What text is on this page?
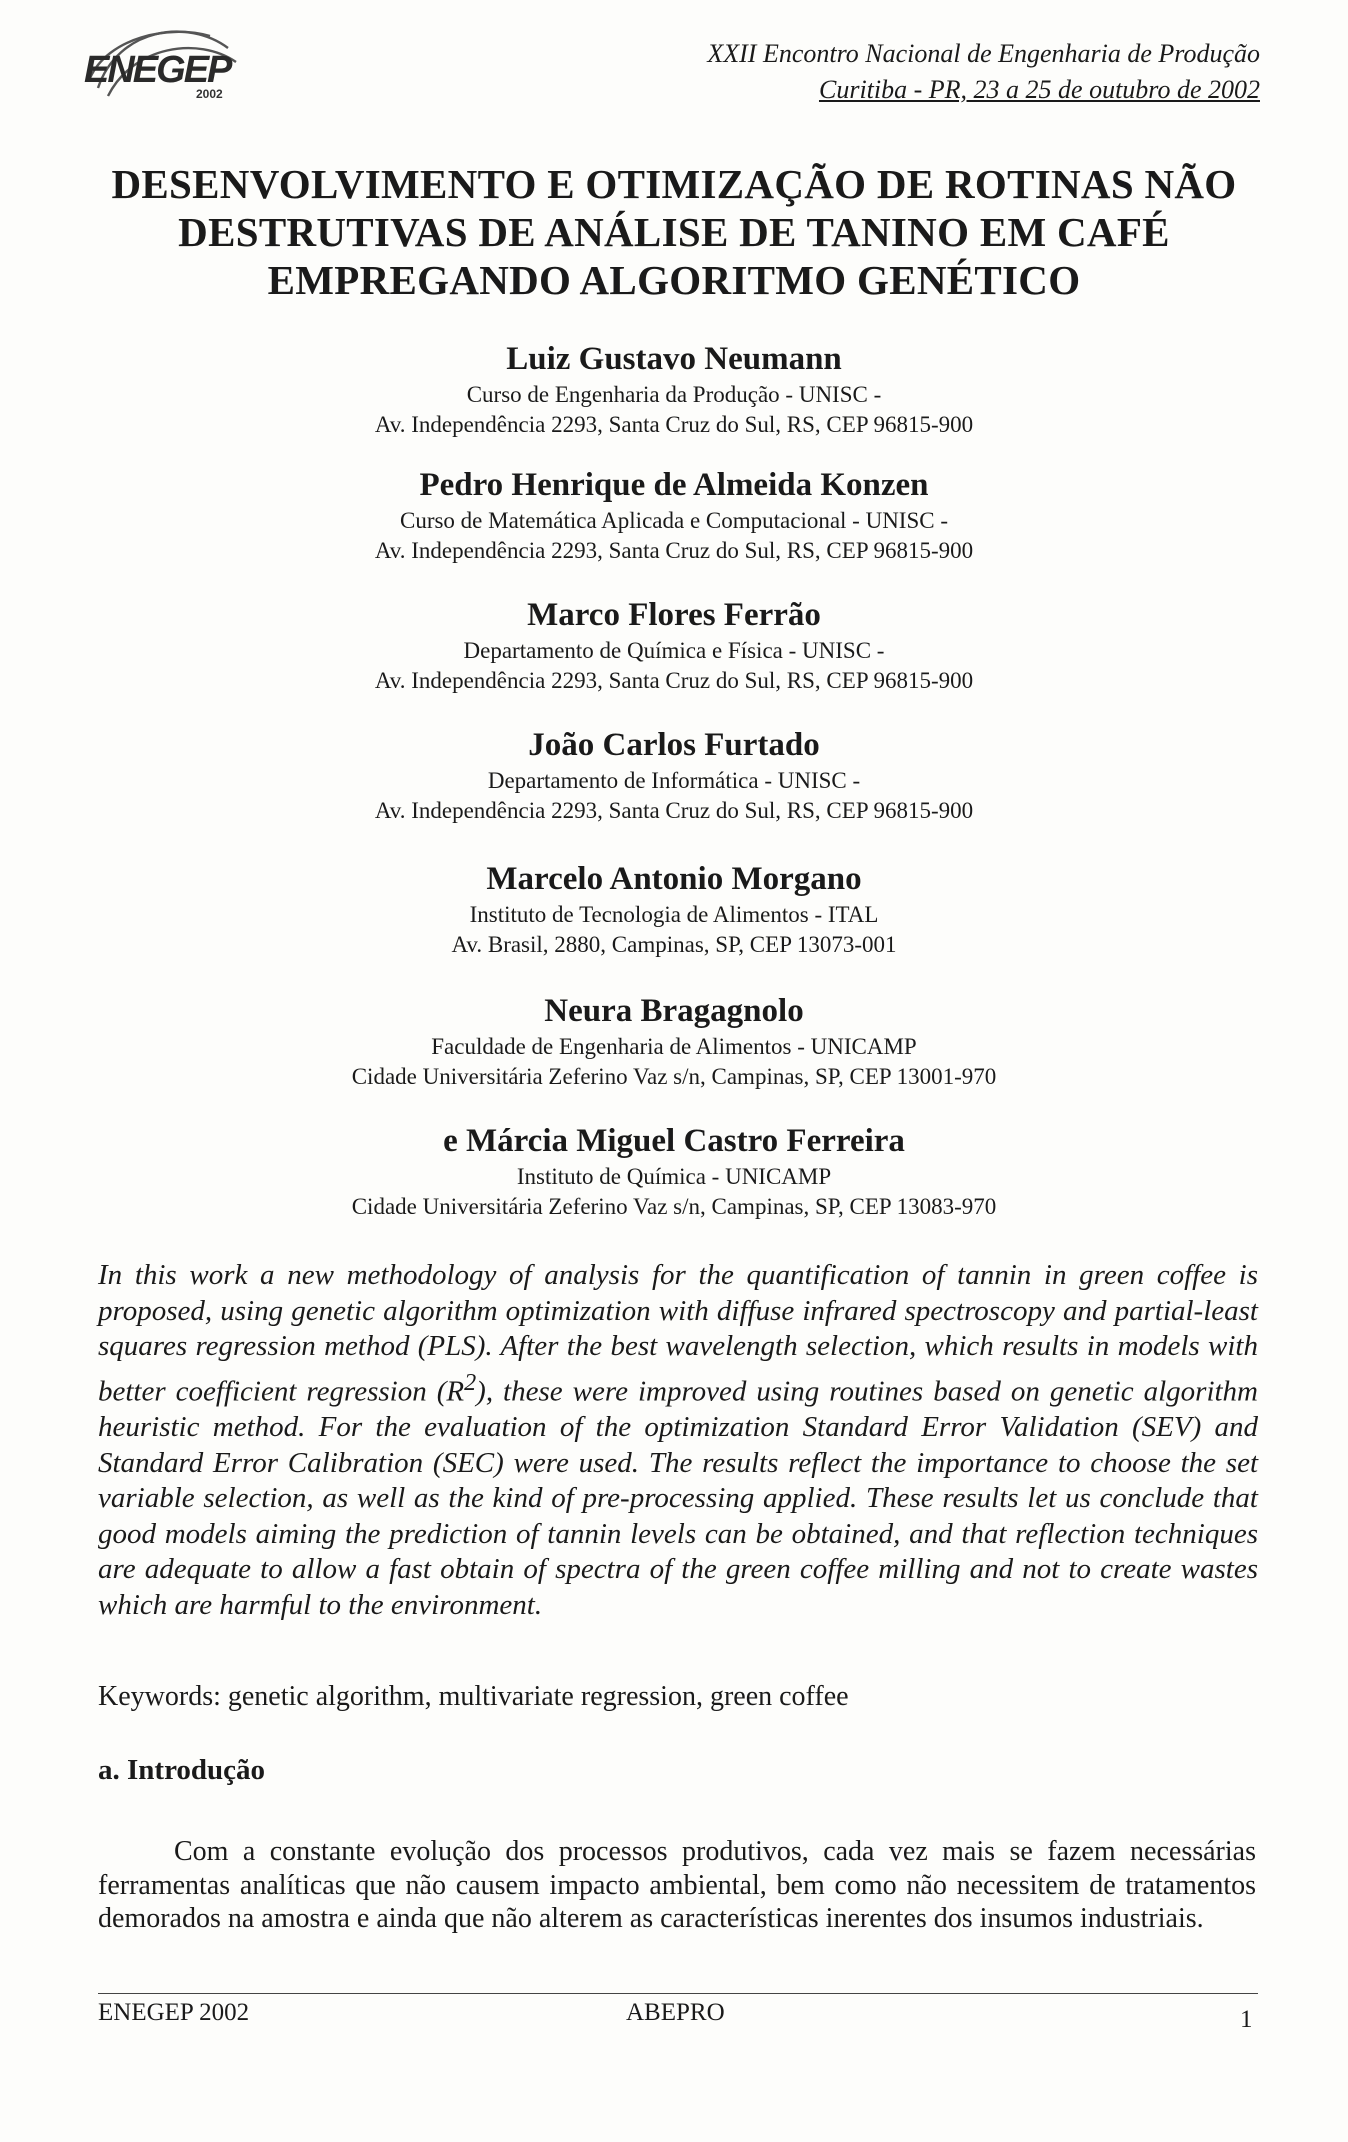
ENEGEP
2002
XXII Encontro Nacional de Engenharia de Produção
Curitiba - PR, 23 a 25 de outubro de 2002
DESENVOLVIMENTO E OTIMIZAÇÃO DE ROTINAS NÃO
DESTRUTIVAS DE ANÁLISE DE TANINO EM CAFÉ
EMPREGANDO ALGORITMO GENÉTICO
Luiz Gustavo Neumann
Curso de Engenharia da Produção - UNISC -
Av. Independência 2293, Santa Cruz do Sul, RS, CEP 96815-900
Pedro Henrique de Almeida Konzen
Curso de Matemática Aplicada e Computacional - UNISC -
Av. Independência 2293, Santa Cruz do Sul, RS, CEP 96815-900
Marco Flores Ferrão
Departamento de Química e Física - UNISC -
Av. Independência 2293, Santa Cruz do Sul, RS, CEP 96815-900
João Carlos Furtado
Departamento de Informática - UNISC -
Av. Independência 2293, Santa Cruz do Sul, RS, CEP 96815-900
Marcelo Antonio Morgano
Instituto de Tecnologia de Alimentos - ITAL
Av. Brasil, 2880, Campinas, SP, CEP 13073-001
Neura Bragagnolo
Faculdade de Engenharia de Alimentos - UNICAMP
Cidade Universitária Zeferino Vaz s/n, Campinas, SP, CEP 13001-970
e Márcia Miguel Castro Ferreira
Instituto de Química - UNICAMP
Cidade Universitária Zeferino Vaz s/n, Campinas, SP, CEP 13083-970
In this work a new methodology of analysis for the quantification of tannin in green coffee is proposed, using genetic algorithm optimization with diffuse infrared spectroscopy and partial-least squares regression method (PLS). After the best wavelength selection, which results in models with better coefficient regression $(R^2)$, these were improved using routines based on genetic algorithm heuristic method. For the evaluation of the optimization Standard Error Validation (SEV) and Standard Error Calibration (SEC) were used. The results reflect the importance to choose the set variable selection, as well as the kind of pre-processing applied. These results let us conclude that good models aiming the prediction of tannin levels can be obtained, and that reflection techniques are adequate to allow a fast obtain of spectra of the green coffee milling and not to create wastes which are harmful to the environment.
Keywords: genetic algorithm, multivariate regression, green coffee
a. Introdução
Com a constante evolução dos processos produtivos, cada vez mais se fazem necessárias ferramentas analíticas que não causem impacto ambiental, bem como não necessitem de tratamentos demorados na amostra e ainda que não alterem as características inerentes dos insumos industriais.
ENEGEP 2002	ABEPRO	1
